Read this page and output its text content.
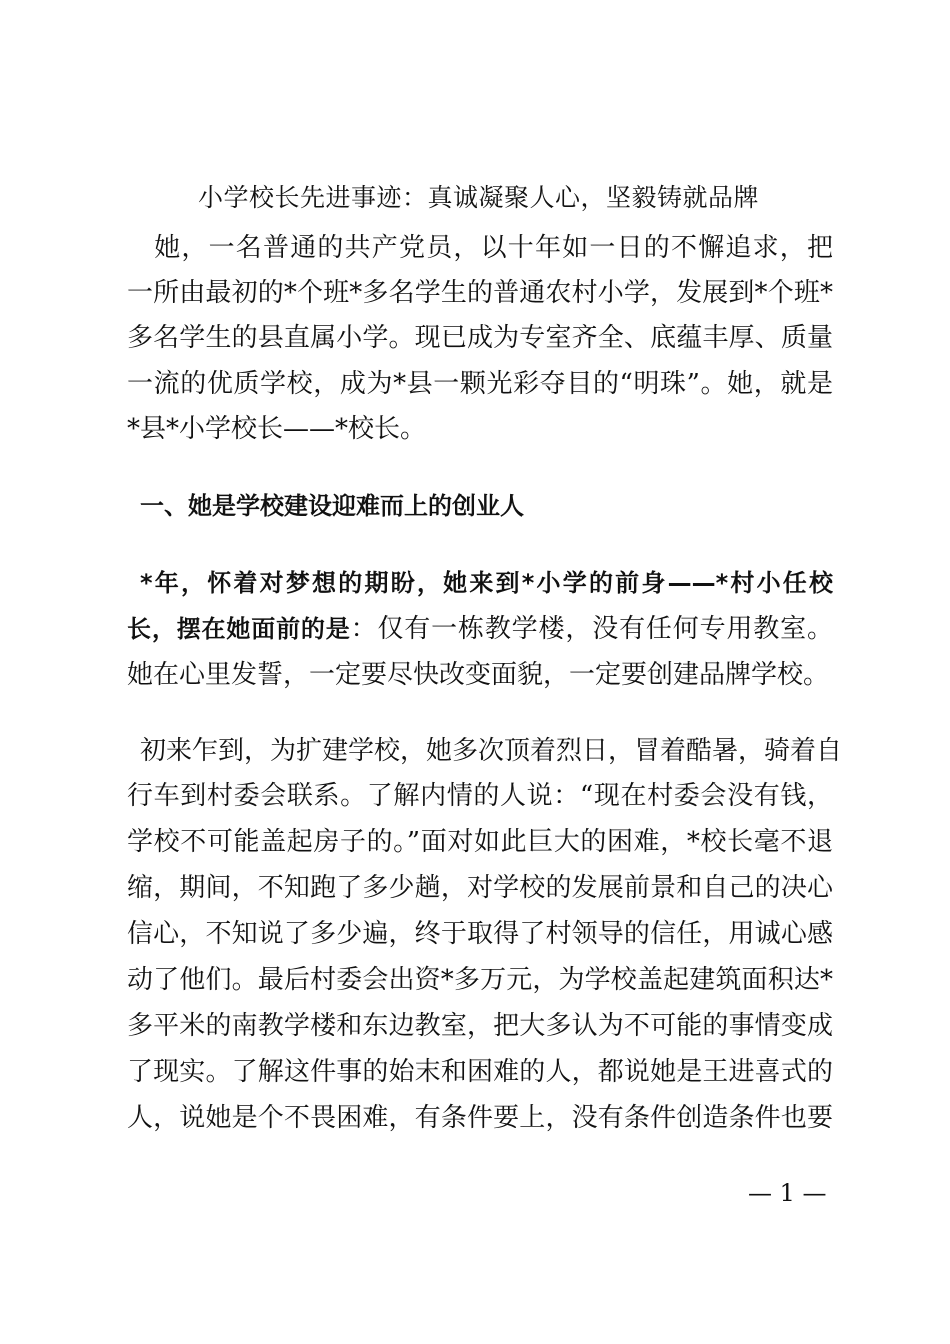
小学校长先进事迹：真诚凝聚人心，坚毅铸就品牌
　她，一名普通的共产党员，以十年如一日的不懈追求，把
一所由最初的*个班*多名学生的普通农村小学，发展到*个班*
多名学生的县直属小学。现已成为专室齐全、底蕴丰厚、质量
一流的优质学校，成为*县一颗光彩夺目的“明珠”。她，就是
*县*小学校长——*校长。
一、她是学校建设迎难而上的创业人
*年，怀着对梦想的期盼，她来到*小学的前身——*村小任校
长，摆在她面前的是：仅有一栋教学楼，没有任何专用教室。
她在心里发誓，一定要尽快改变面貌，一定要创建品牌学校。
初来乍到，为扩建学校，她多次顶着烈日，冒着酷暑，骑着自
行车到村委会联系。了解内情的人说：“现在村委会没有钱，
学校不可能盖起房子的。”面对如此巨大的困难，*校长毫不退
缩，期间，不知跑了多少趟，对学校的发展前景和自己的决心
信心，不知说了多少遍，终于取得了村领导的信任，用诚心感
动了他们。最后村委会出资*多万元，为学校盖起建筑面积达*
多平米的南教学楼和东边教室，把大多认为不可能的事情变成
了现实。了解这件事的始末和困难的人，都说她是王进喜式的
人，说她是个不畏困难，有条件要上，没有条件创造条件也要
— 1 —
